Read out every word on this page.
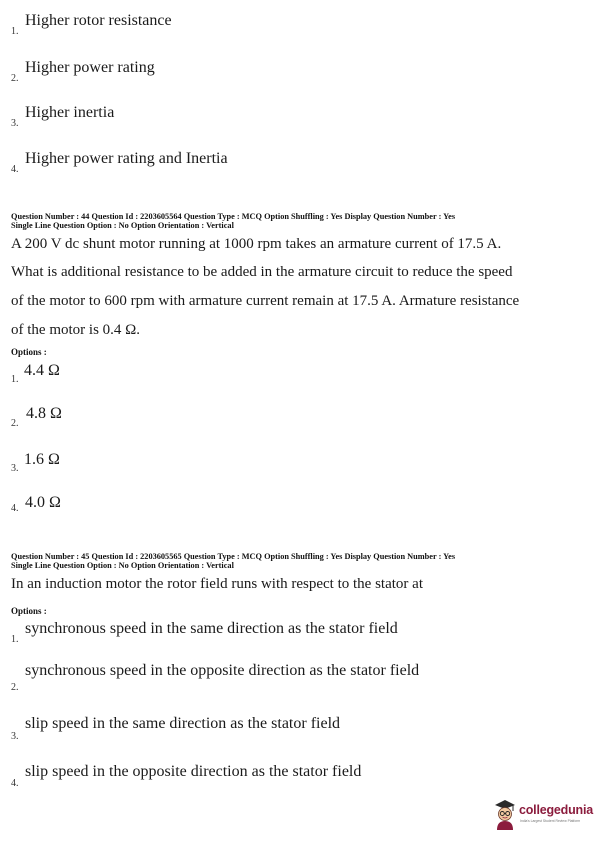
1.
Higher rotor resistance
2.
Higher power rating
3.
Higher inertia
4.
Higher power rating and Inertia
Question Number : 44 Question Id : 2203605564 Question Type : MCQ Option Shuffling : Yes Display Question Number : Yes
Single Line Question Option : No Option Orientation : Vertical
A 200 V dc shunt motor running at 1000 rpm takes an armature current of 17.5 A.
What is additional resistance to be added in the armature circuit to reduce the speed
of the motor to 600 rpm with armature current remain at 17.5 A. Armature resistance
of the motor is 0.4 Ω.
Options :
1.
4.4 Ω
2.
4.8 Ω
3.
1.6 Ω
4. 4.0 Ω
Question Number : 45 Question Id : 2203605565 Question Type : MCQ Option Shuffling : Yes Display Question Number : Yes
Single Line Question Option : No Option Orientation : Vertical
In an induction motor the rotor field runs with respect to the stator at
Options :
1.
synchronous speed in the same direction as the stator field
2.
synchronous speed in the opposite direction as the stator field
3.
slip speed in the same direction as the stator field
4.
slip speed in the opposite direction as the stator field
collegedunia
India's Largest Student Review Platform
